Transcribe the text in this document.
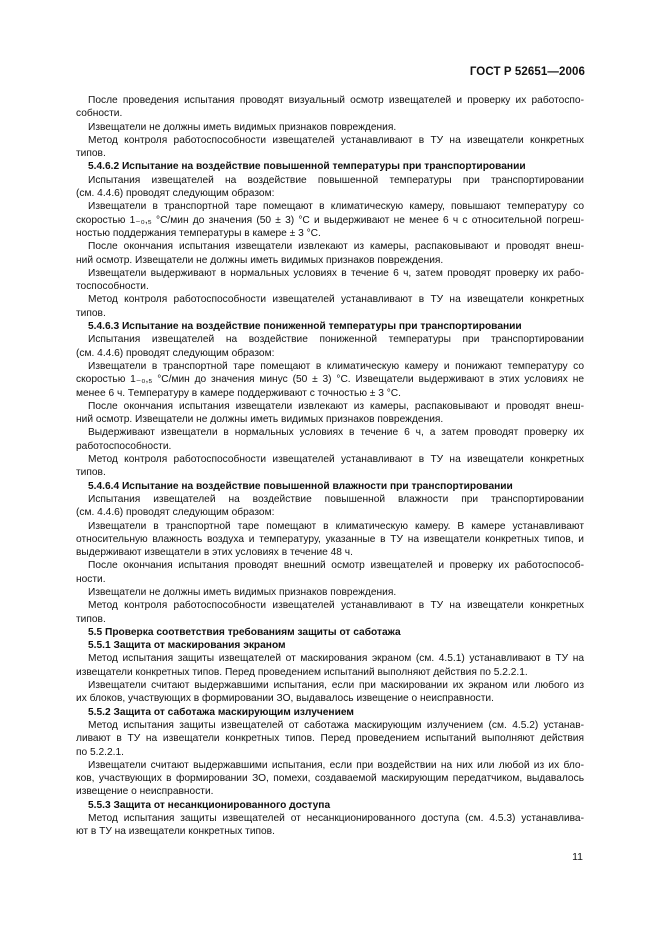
ГОСТ Р 52651—2006
После проведения испытания проводят визуальный осмотр извещателей и проверку их работоспо-
собности.
Извещатели не должны иметь видимых признаков повреждения.
Метод контроля работоспособности извещателей устанавливают в ТУ на извещатели конкретных
типов.
5.4.6.2 Испытание на воздействие повышенной температуры при транспортировании
Испытания извещателей на воздействие повышенной температуры при транспортировании
(см. 4.4.6) проводят следующим образом:
Извещатели в транспортной таре помещают в климатическую камеру, повышают температуру со
скоростью 1₋₀,₅ °С/мин до значения (50 ± 3) °С и выдерживают не менее 6 ч с относительной погреш-
ностью поддержания температуры в камере ± 3 °С.
После окончания испытания извещатели извлекают из камеры, распаковывают и проводят внеш-
ний осмотр. Извещатели не должны иметь видимых признаков повреждения.
Извещатели выдерживают в нормальных условиях в течение 6 ч, затем проводят проверку их рабо-
тоспособности.
Метод контроля работоспособности извещателей устанавливают в ТУ на извещатели конкретных
типов.
5.4.6.3 Испытание на воздействие пониженной температуры при транспортировании
Испытания извещателей на воздействие пониженной температуры при транспортировании
(см. 4.4.6) проводят следующим образом:
Извещатели в транспортной таре помещают в климатическую камеру и понижают температуру со
скоростью 1₋₀,₅ °С/мин до значения минус (50 ± 3) °С. Извещатели выдерживают в этих условиях не
менее 6 ч. Температуру в камере поддерживают с точностью ± 3 °С.
После окончания испытания извещатели извлекают из камеры, распаковывают и проводят внеш-
ний осмотр. Извещатели не должны иметь видимых признаков повреждения.
Выдерживают извещатели в нормальных условиях в течение 6 ч, а затем проводят проверку их
работоспособности.
Метод контроля работоспособности извещателей устанавливают в ТУ на извещатели конкретных
типов.
5.4.6.4 Испытание на воздействие повышенной влажности при транспортировании
Испытания извещателей на воздействие повышенной влажности при транспортировании
(см. 4.4.6) проводят следующим образом:
Извещатели в транспортной таре помещают в климатическую камеру. В камере устанавливают
относительную влажность воздуха и температуру, указанные в ТУ на извещатели конкретных типов, и
выдерживают извещатели в этих условиях в течение 48 ч.
После окончания испытания проводят внешний осмотр извещателей и проверку их работоспособ-
ности.
Извещатели не должны иметь видимых признаков повреждения.
Метод контроля работоспособности извещателей устанавливают в ТУ на извещатели конкретных
типов.
5.5 Проверка соответствия требованиям защиты от саботажа
5.5.1 Защита от маскирования экраном
Метод испытания защиты извещателей от маскирования экраном (см. 4.5.1) устанавливают в ТУ на
извещатели конкретных типов. Перед проведением испытаний выполняют действия по 5.2.2.1.
Извещатели считают выдержавшими испытания, если при маскировании их экраном или любого из
их блоков, участвующих в формировании ЗО, выдавалось извещение о неисправности.
5.5.2 Защита от саботажа маскирующим излучением
Метод испытания защиты извещателей от саботажа маскирующим излучением (см. 4.5.2) устанав-
ливают в ТУ на извещатели конкретных типов. Перед проведением испытаний выполняют действия
по 5.2.2.1.
Извещатели считают выдержавшими испытания, если при воздействии на них или любой из их бло-
ков, участвующих в формировании ЗО, помехи, создаваемой маскирующим передатчиком, выдавалось
извещение о неисправности.
5.5.3 Защита от несанкционированного доступа
Метод испытания защиты извещателей от несанкционированного доступа (см. 4.5.3) устанавлива-
ют в ТУ на извещатели конкретных типов.
11
